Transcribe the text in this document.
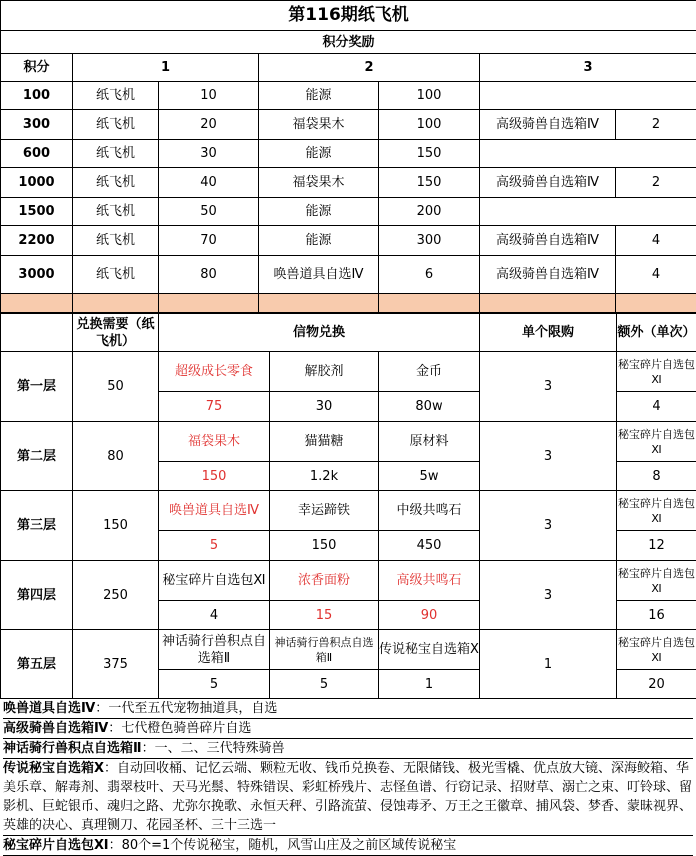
第116期纸飞机						
积分奖励						
积分	1		2		3	
100	纸飞机	10	能源	100		
300	纸飞机	20	福袋果木	100	高级骑兽自选箱Ⅳ	2
600	纸飞机	30	能源	150		
1000	纸飞机	40	福袋果木	150	高级骑兽自选箱Ⅳ	2
1500	纸飞机	50	能源	200		
2200	纸飞机	70	能源	300	高级骑兽自选箱Ⅳ	4
3000	纸飞机	80	唤兽道具自选Ⅳ	6	高级骑兽自选箱Ⅳ	4

	兑换需要（纸飞机）	信物兑换			单个限购	额外（单次）
第一层	50	超级成长零食	解胶剂	金币	3	秘宝碎片自选包Ⅺ
		75	30	80w		4
第二层	80	福袋果木	猫猫糖	原材料	3	秘宝碎片自选包Ⅺ
		150	1.2k	5w		8
第三层	150	唤兽道具自选Ⅳ	幸运蹄铁	中级共鸣石	3	秘宝碎片自选包Ⅺ
		5	150	450		12
第四层	250	秘宝碎片自选包Ⅺ	浓香面粉	高级共鸣石	3	秘宝碎片自选包Ⅺ
		4	15	90		16
第五层	375	神话骑行兽积点自选箱Ⅱ	神话骑行兽积点自选箱Ⅱ	传说秘宝自选箱Ⅹ	1	秘宝碎片自选包Ⅺ
		5	5	1		20
唤兽道具自选Ⅳ：一代至五代宠物抽道具，自选
高级骑兽自选箱Ⅳ：七代橙色骑兽碎片自选
神话骑行兽积点自选箱Ⅱ：一、二、三代特殊骑兽
传说秘宝自选箱Ⅹ：自动回收桶、记忆云端、颗粒无收、钱币兑换卷、无限储钱、极光雪橇、优点放大镜、深海鲛箱、华美乐章、解毒剂、翡翠枝叶、天马光鬃、特殊错误、彩虹桥残片、志怪鱼谱、行窃记录、招财草、溺亡之束、叮铃球、留影机、巨蛇银币、魂归之路、尤弥尔挽歌、永恒天秤、引路流萤、侵蚀毒矛、万王之王徽章、捕风袋、梦香、蒙昧视界、英雄的决心、真理铡刀、花园圣杯、三十三选一
秘宝碎片自选包Ⅺ：80个=1个传说秘宝，随机，风雪山庄及之前区域传说秘宝
